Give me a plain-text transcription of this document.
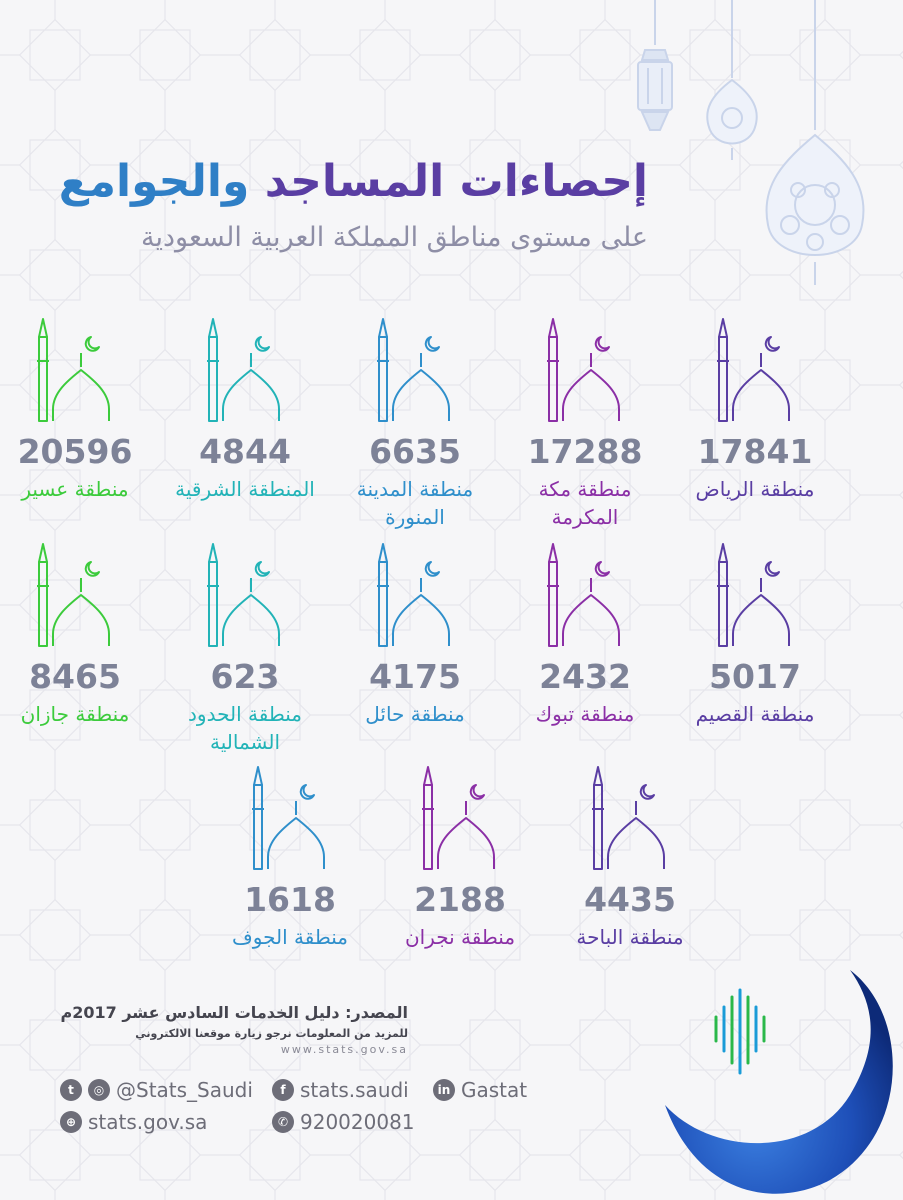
إحصاءات المساجد والجوامع

على مستوى مناطق المملكة العربية السعودية

17841
منطقة الرياض
17288
منطقة مكة المكرمة
6635
منطقة المدينة المنورة
4844
المنطقة الشرقية
20596
منطقة عسير
5017
منطقة القصيم
2432
منطقة تبوك
4175
منطقة حائل
623
منطقة الحدود الشمالية
8465
منطقة جازان
4435
منطقة الباحة
2188
منطقة نجران
1618
منطقة الجوف
المصدر: دليل الخدمات السادس عشر 2017م
للمزيد من المعلومات نرجو زيارة موقعنا الالكتروني
www.stats.gov.sa
t	◎ @Stats_Saudi	f stats.saudi	in Gastat
⊕ stats.gov.sa	✆ 920020081
